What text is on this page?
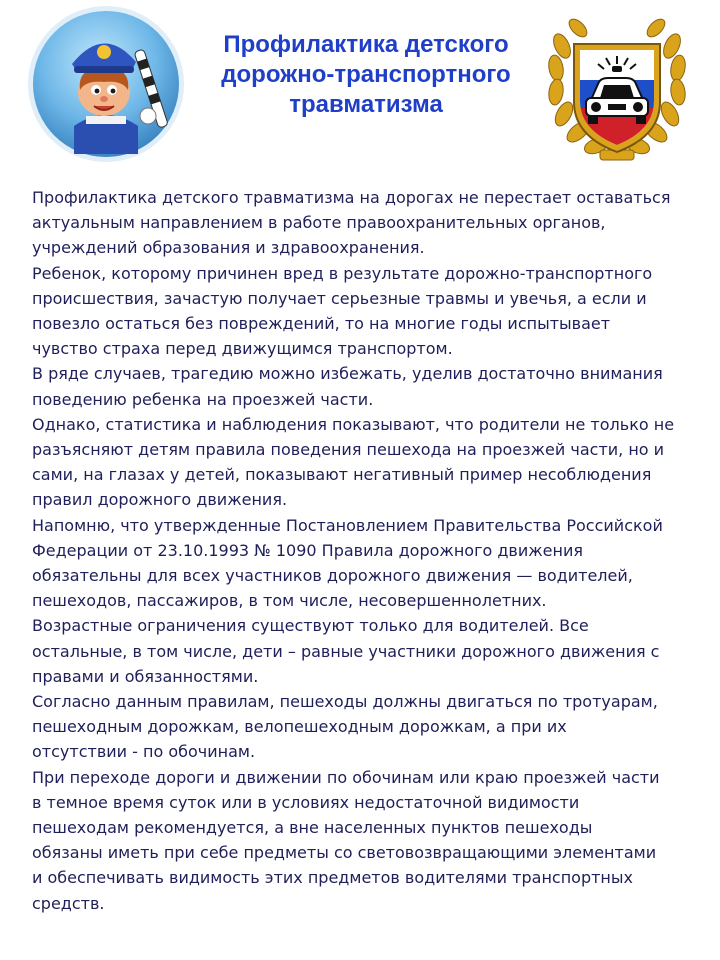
Профилактика детского
дорожно-транспортного
травматизма
Профилактика детского травматизма на дорогах не перестает оставаться
актуальным направлением в работе правоохранительных органов,
учреждений образования и здравоохранения.
Ребенок, которому причинен вред в результате дорожно-транспортного
происшествия, зачастую получает серьезные травмы и увечья, а если и
повезло остаться без повреждений, то на многие годы испытывает
чувство страха перед движущимся транспортом.
В ряде случаев, трагедию можно избежать, уделив достаточно внимания
поведению ребенка на проезжей части.
Однако, статистика и наблюдения показывают, что родители не только не
разъясняют детям правила поведения пешехода на проезжей части, но и
сами, на глазах у детей, показывают негативный пример несоблюдения
правил дорожного движения.
Напомню, что утвержденные Постановлением Правительства Российской
Федерации от 23.10.1993 № 1090 Правила дорожного движения
обязательны для всех участников дорожного движения — водителей,
пешеходов, пассажиров, в том числе, несовершеннолетних.
Возрастные ограничения существуют только для водителей. Все
остальные, в том числе, дети – равные участники дорожного движения с
правами и обязанностями.
Согласно данным правилам, пешеходы должны двигаться по тротуарам,
пешеходным дорожкам, велопешеходным дорожкам, а при их
отсутствии - по обочинам.
При переходе дороги и движении по обочинам или краю проезжей части
в темное время суток или в условиях недостаточной видимости
пешеходам рекомендуется, а вне населенных пунктов пешеходы
обязаны иметь при себе предметы со световозвращающими элементами
и обеспечивать видимость этих предметов водителями транспортных
средств.
